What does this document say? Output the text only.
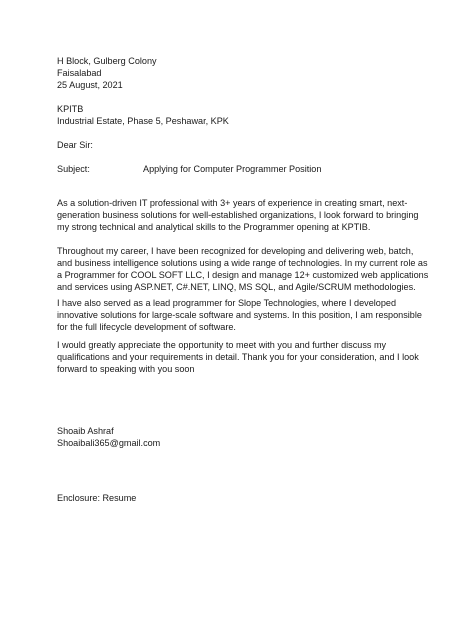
H Block, Gulberg Colony
Faisalabad
25 August, 2021
KPITB
Industrial Estate, Phase 5, Peshawar, KPK
Dear Sir:
Subject:	Applying for Computer Programmer Position
As a solution-driven IT professional with 3+ years of experience in creating smart, next-
generation business solutions for well-established organizations, I look forward to bringing
my strong technical and analytical skills to the Programmer opening at KPTIB.
Throughout my career, I have been recognized for developing and delivering web, batch,
and business intelligence solutions using a wide range of technologies. In my current role as
a Programmer for COOL SOFT LLC, I design and manage 12+ customized web applications
and services using ASP.NET, C#.NET, LINQ, MS SQL, and Agile/SCRUM methodologies.
I have also served as a lead programmer for Slope Technologies, where I developed
innovative solutions for large-scale software and systems. In this position, I am responsible
for the full lifecycle development of software.
I would greatly appreciate the opportunity to meet with you and further discuss my
qualifications and your requirements in detail. Thank you for your consideration, and I look
forward to speaking with you soon
Shoaib Ashraf
Shoaibali365@gmail.com
Enclosure: Resume
